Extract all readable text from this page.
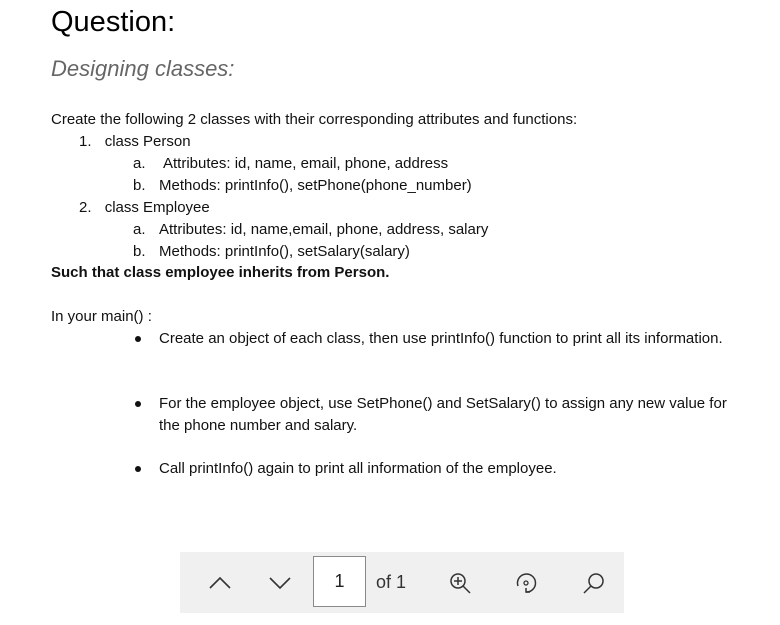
Question:
Designing classes:
Create the following 2 classes with their corresponding attributes and functions:
1. class Person
a. Attributes: id, name, email, phone, address
b. Methods: printInfo(), setPhone(phone_number)
2. class Employee
a. Attributes: id, name,email, phone, address, salary
b. Methods: printInfo(), setSalary(salary)
Such that class employee inherits from Person.
In your main() :
Create an object of each class, then use printInfo() function to print all its information.
For the employee object, use SetPhone() and SetSalary() to assign any new value for the phone number and salary.
Call printInfo() again to print all information of the employee.
1
of 1
